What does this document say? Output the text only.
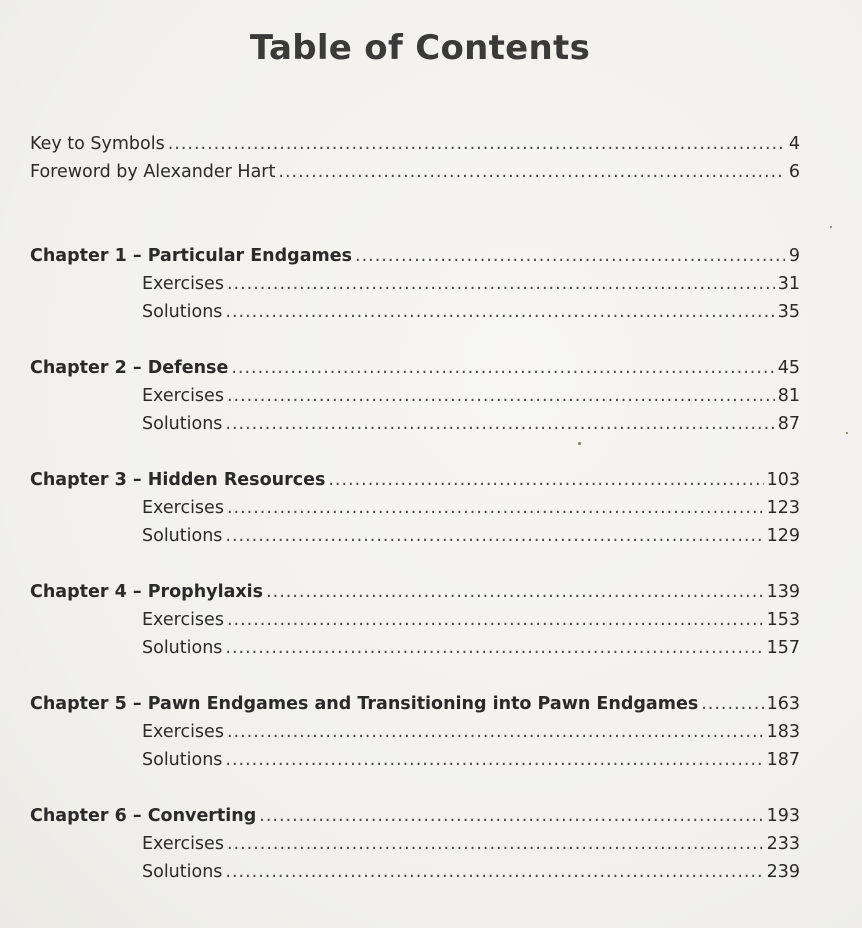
Table of Contents
Key to Symbols .....	4
Foreword by Alexander Hart .....	6
Chapter 1 – Particular Endgames .....	9
Exercises .....	31
Solutions .....	35
Chapter 2 – Defense .....	45
Exercises .....	81
Solutions .....	87
Chapter 3 – Hidden Resources .....	103
Exercises .....	123
Solutions .....	129
Chapter 4 – Prophylaxis .....	139
Exercises .....	153
Solutions .....	157
Chapter 5 – Pawn Endgames and Transitioning into Pawn Endgames .....	163
Exercises .....	183
Solutions .....	187
Chapter 6 – Converting .....	193
Exercises .....	233
Solutions .....	239
